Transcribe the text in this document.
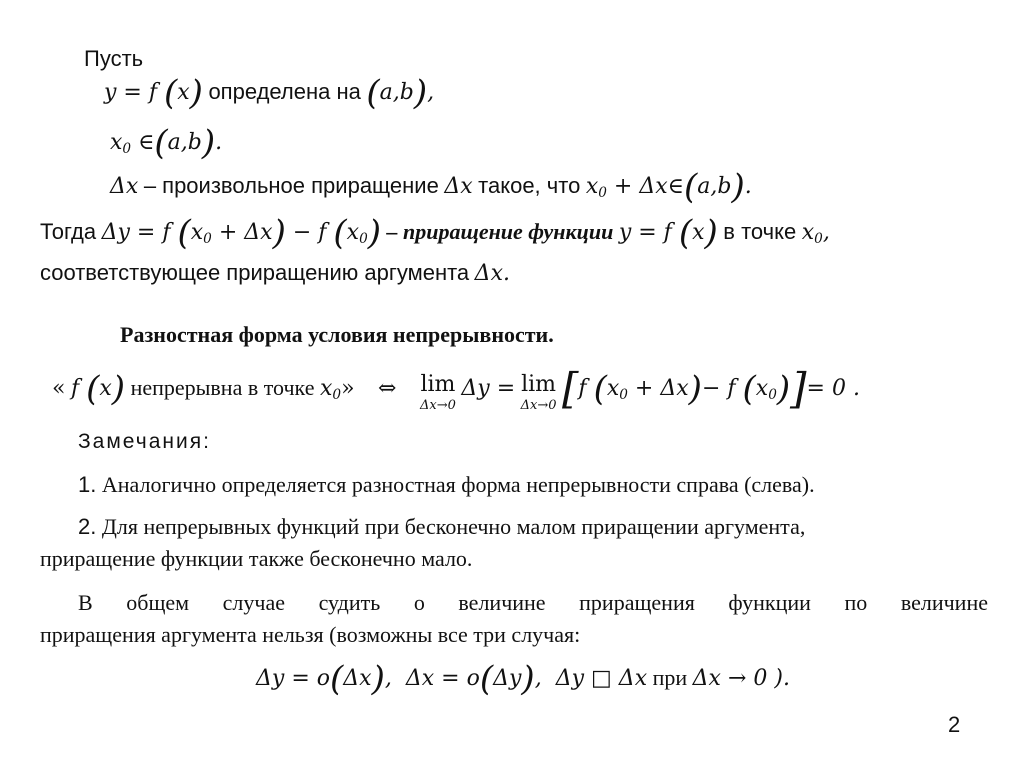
Пусть
y = f (x) определена на (a,b),
$x_0$ ∈(a,b).
Δx – произвольное приращение Δx такое, что $x_0$ + Δx∈(a,b).
Тогда Δy = f $(x_0 + \Delta x) - f$ $(x_0)$ – приращение функции y = f (x) в точке $x_0$,
соответствующее приращению аргумента Δx.
Разностная форма условия непрерывности.
« f (x) непрерывна в точке $x_0$» ⇔ lim
Δx→0
Δy = lim
Δx→0 [f $(x_0 + \Delta x)- f$ $(x_0)]= 0$ .
Замечания:
1. Аналогично определяется разностная форма непрерывности справа (слева).
2. Для непрерывных функций при бесконечно малом приращении аргумента,
приращение функции также бесконечно мало.
В общем случае судить о величине приращения функции по величине
приращения аргумента нельзя (возможны все три случая:
Δy = o(Δx), Δx = o(Δy), Δy □ Δx при Δx → 0 ).
2
